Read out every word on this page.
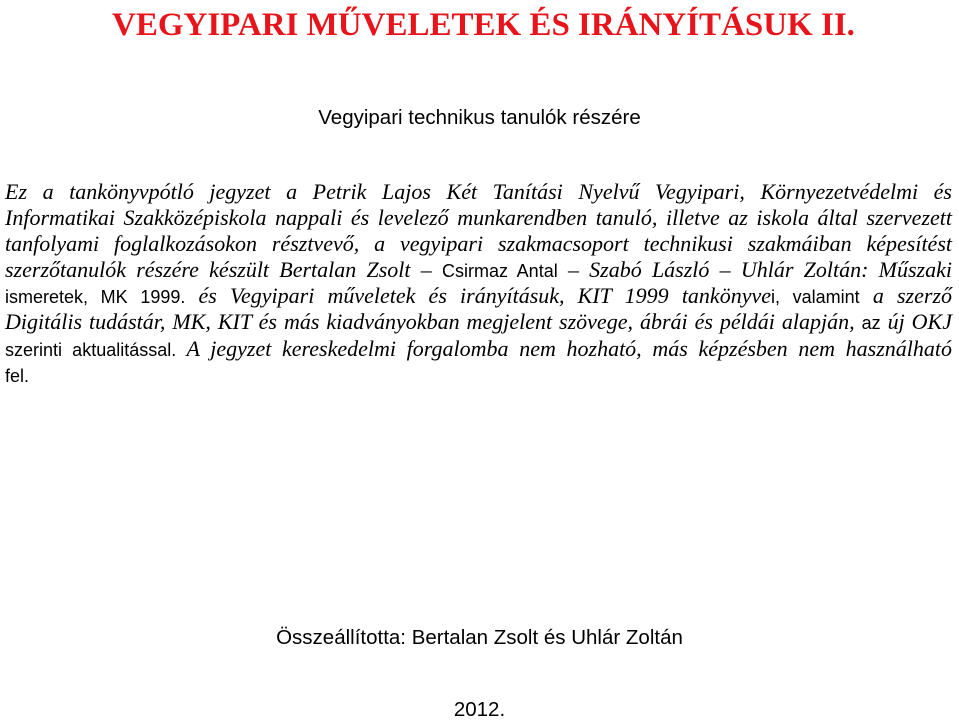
VEGYIPARI MŰVELETEK ÉS IRÁNYÍTÁSUK II.
Vegyipari technikus tanulók részére
Ez a tankönyvpótló jegyzet a Petrik Lajos Két Tanítási Nyelvű Vegyipari, Környezetvédelmi és
Informatikai Szakközépiskola nappali és levelező munkarendben tanuló, illetve az iskola által szervezett
tanfolyami foglalkozásokon résztvevő, a vegyipari szakmacsoport technikusi szakmáiban képesítést
szerzőtanulók részére készült Bertalan Zsolt – Csirmaz Antal – Szabó László – Uhlár Zoltán: Műszaki
ismeretek, MK 1999. és Vegyipari műveletek és irányításuk, KIT 1999 tankönyvei, valamint a szerző
Digitális tudástár, MK, KIT és más kiadványokban megjelent szövege, ábrái és példái alapján, az új OKJ
szerinti aktualitással. A jegyzet kereskedelmi forgalomba nem hozható, más képzésben nem használható
fel.
Összeállította: Bertalan Zsolt és Uhlár Zoltán
2012.
